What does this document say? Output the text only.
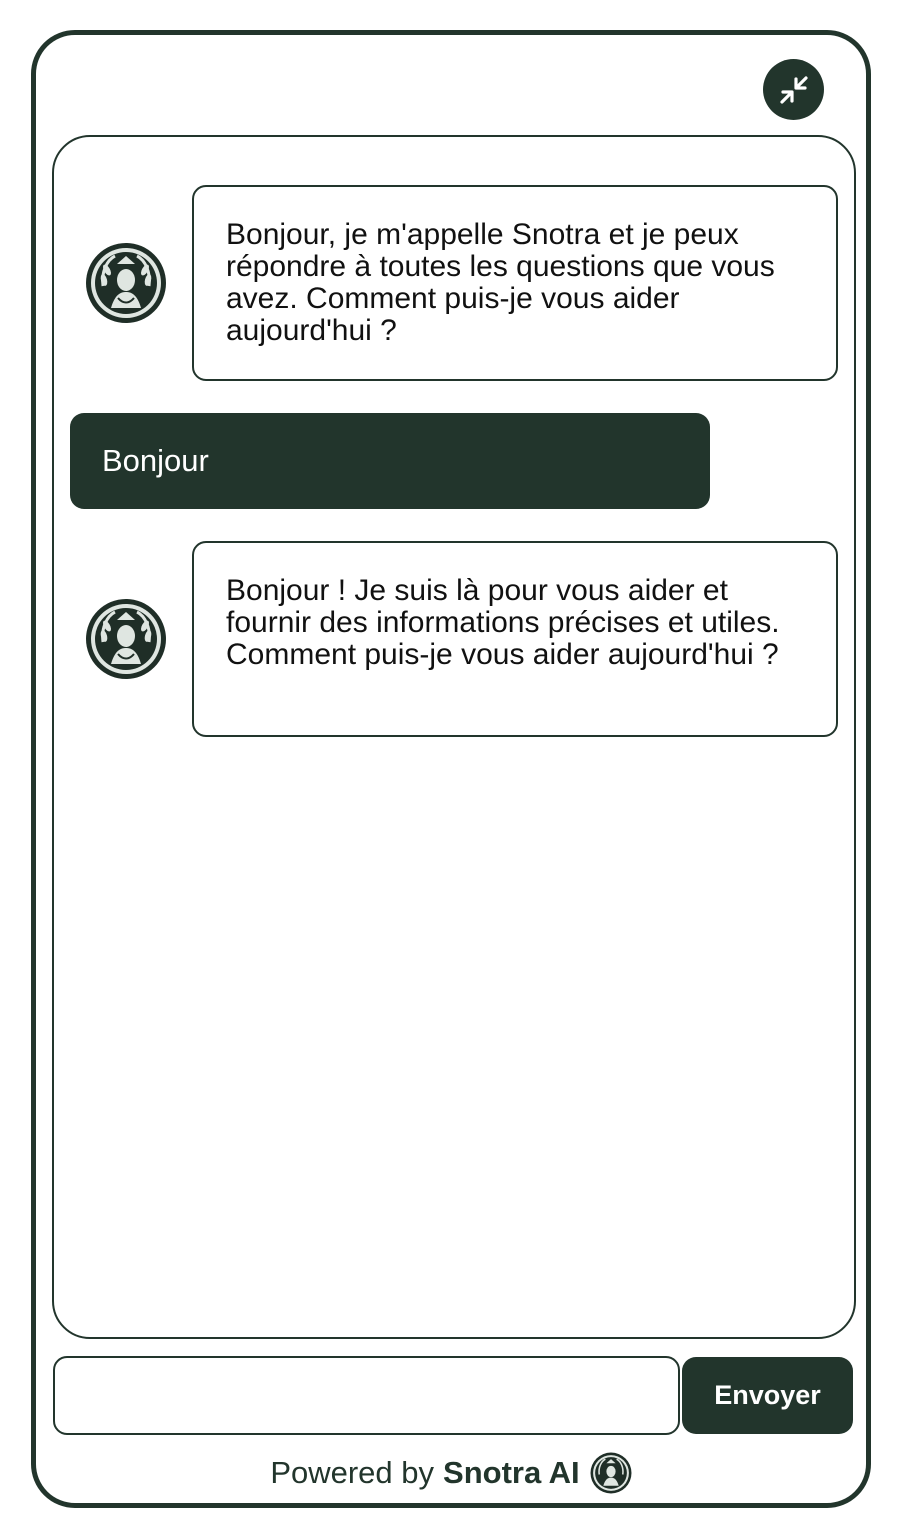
Bonjour, je m'appelle Snotra et je peux répondre à toutes les questions que vous avez. Comment puis-je vous aider aujourd'hui ?
Bonjour
Bonjour ! Je suis là pour vous aider et fournir des informations précises et utiles. Comment puis-je vous aider aujourd'hui ?
Envoyer
Powered by Snotra AI
